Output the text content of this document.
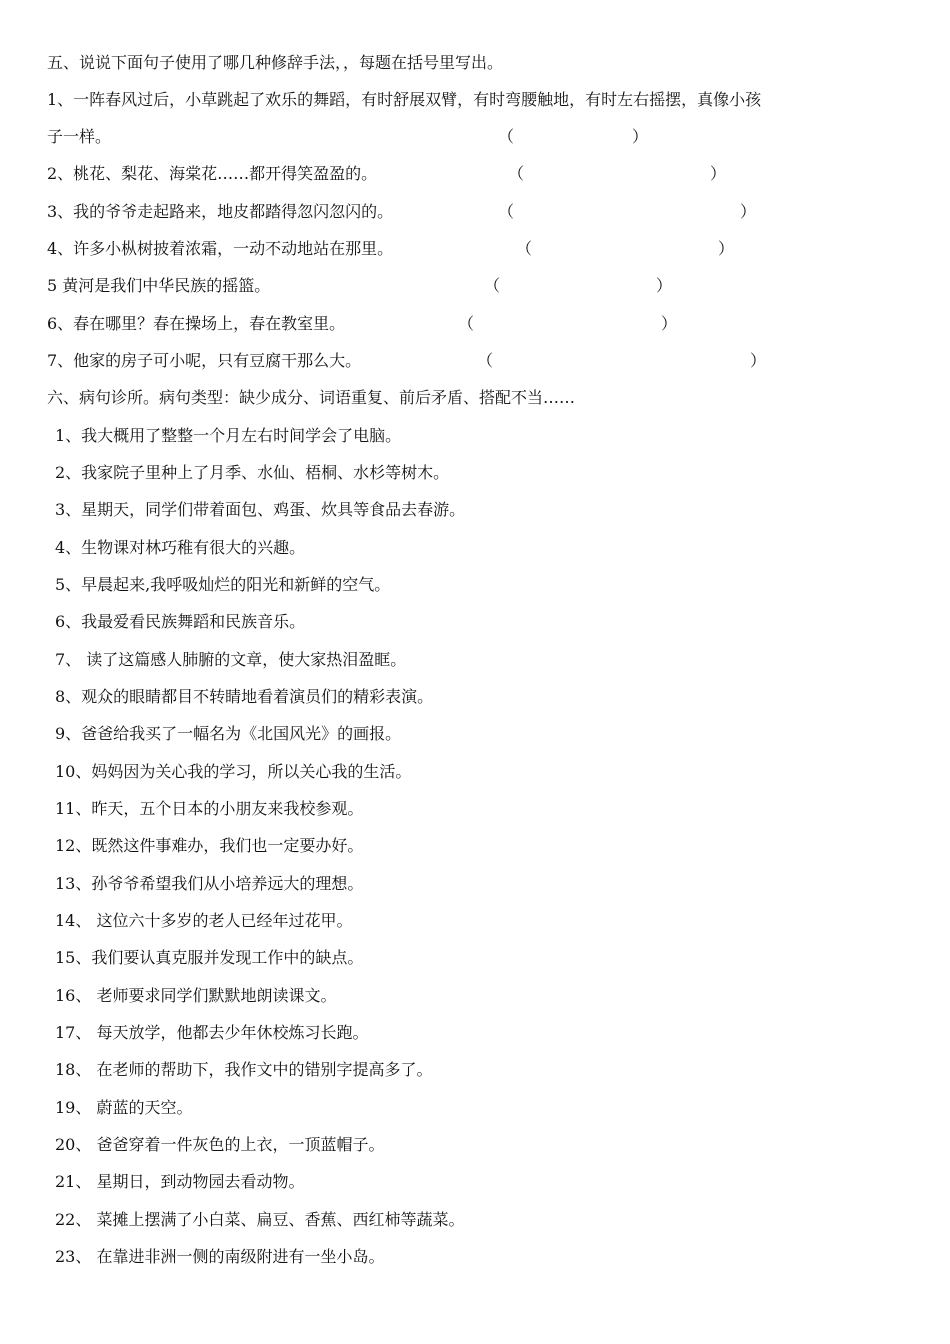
五、说说下面句子使用了哪几种修辞手法，，每题在括号里写出。
1、一阵春风过后，小草跳起了欢乐的舞蹈，有时舒展双臂，有时弯腰触地，有时左右摇摆，真像小孩
子一样。	（	）
2、桃花、梨花、海棠花……都开得笑盈盈的。	（	）
3、我的爷爷走起路来，地皮都踏得忽闪忽闪的。	（	）
4、许多小枞树披着浓霜，一动不动地站在那里。	（	）
5 黄河是我们中华民族的摇篮。	（	）
6、春在哪里？春在操场上，春在教室里。	（	）
7、他家的房子可小呢，只有豆腐干那么大。	（	）
六、病句诊所。病句类型：缺少成分、词语重复、前后矛盾、搭配不当……
1、我大概用了整整一个月左右时间学会了电脑。
2、我家院子里种上了月季、水仙、梧桐、水杉等树木。
3、星期天，同学们带着面包、鸡蛋、炊具等食品去春游。
4、生物课对林巧稚有很大的兴趣。
5、早晨起来,我呼吸灿烂的阳光和新鲜的空气。
6、我最爱看民族舞蹈和民族音乐。
7、 读了这篇感人肺腑的文章，使大家热泪盈眶。
8、观众的眼睛都目不转睛地看着演员们的精彩表演。
9、爸爸给我买了一幅名为《北国风光》的画报。
10、妈妈因为关心我的学习，所以关心我的生活。
11、昨天，五个日本的小朋友来我校参观。
12、既然这件事难办，我们也一定要办好。
13、孙爷爷希望我们从小培养远大的理想。
14、 这位六十多岁的老人已经年过花甲。
15、我们要认真克服并发现工作中的缺点。
16、 老师要求同学们默默地朗读课文。
17、 每天放学，他都去少年休校炼习长跑。
18、 在老师的帮助下，我作文中的错别字提高多了。
19、 蔚蓝的天空。
20、 爸爸穿着一件灰色的上衣，一顶蓝帽子。
21、 星期日，到动物园去看动物。
22、 菜摊上摆满了小白菜、扁豆、香蕉、西红柿等蔬菜。
23、 在靠进非洲一侧的南级附进有一坐小岛。
